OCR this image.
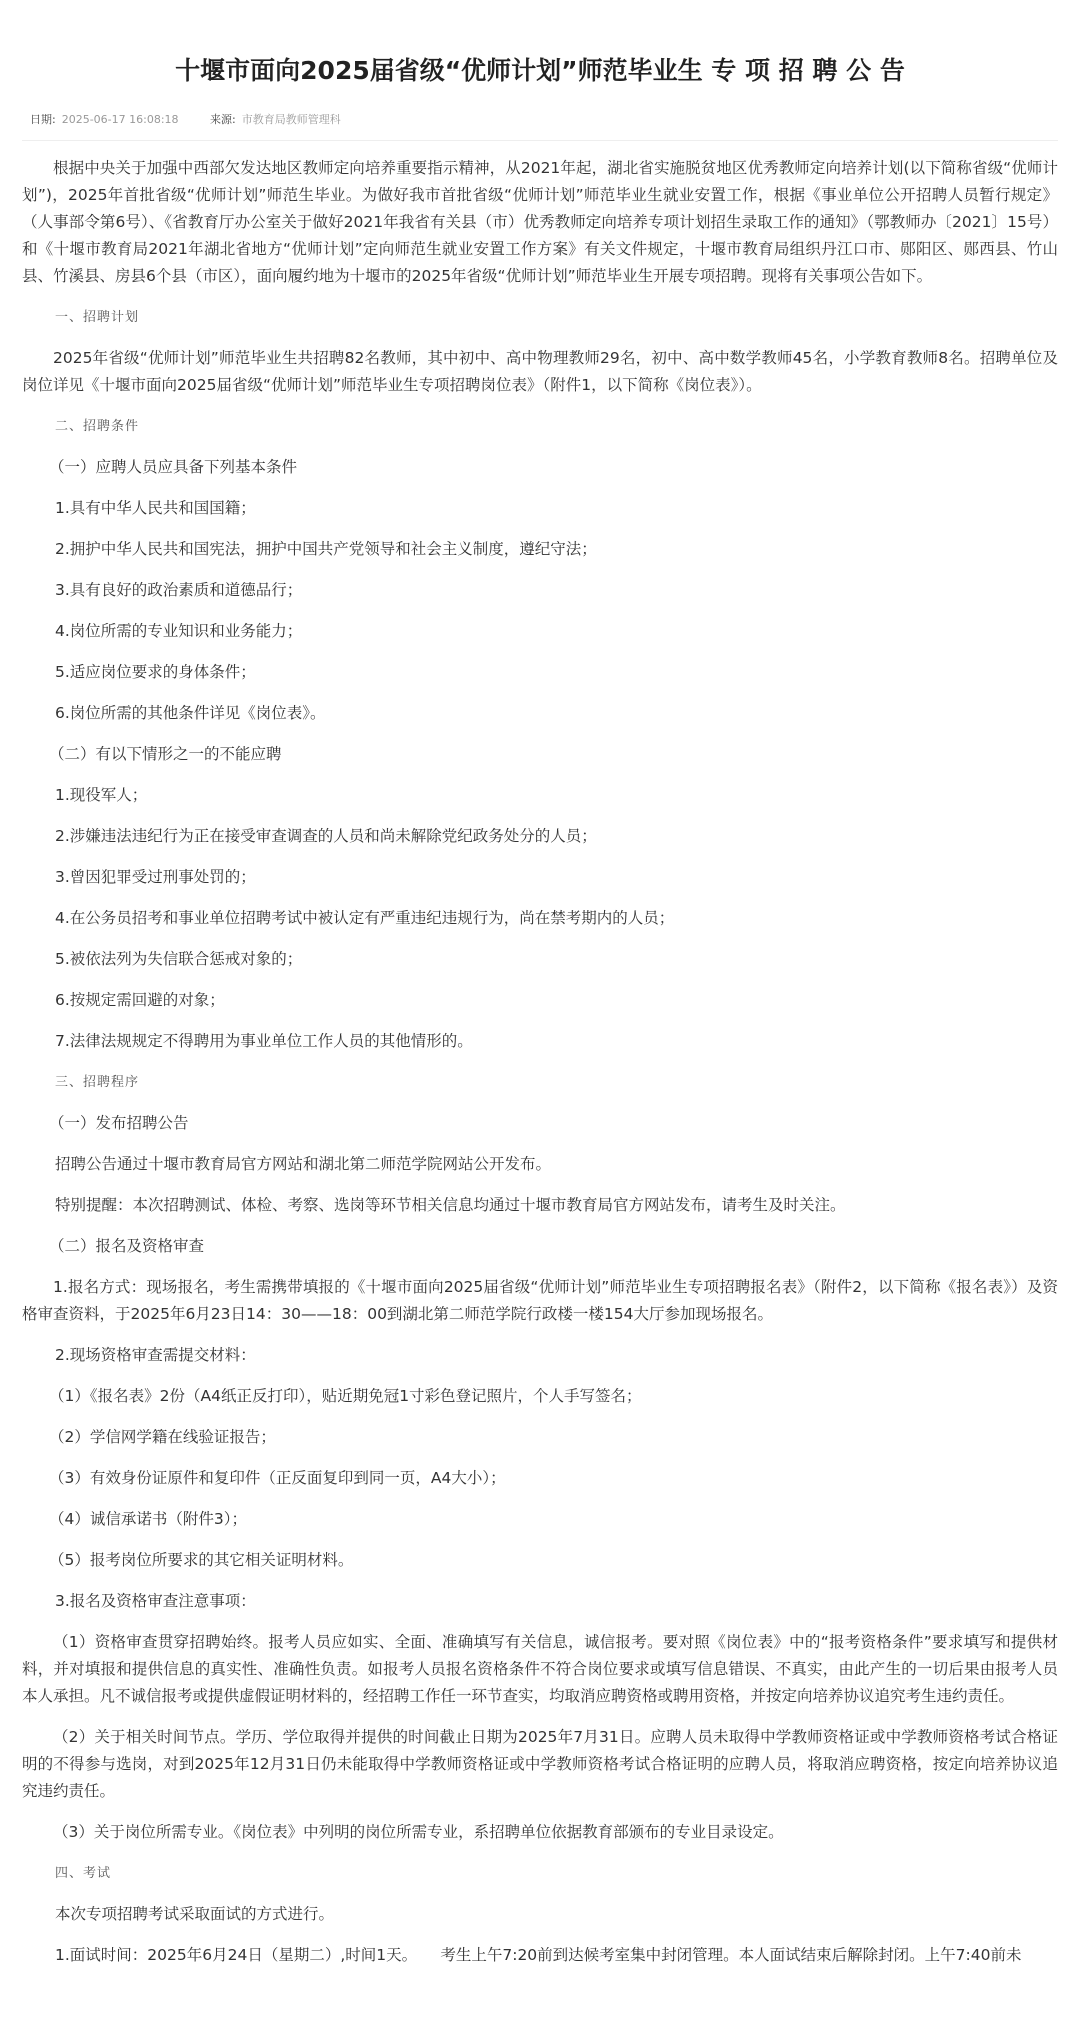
十堰市面向2025届省级“优师计划”师范毕业生 专 项 招 聘 公 告
日期: 2025-06-17 16:08:18	来源: 市教育局教师管理科

根据中央关于加强中西部欠发达地区教师定向培养重要指示精神，从2021年起，湖北省实施脱贫地区优秀教师定向培养计划(以下简称省级“优师计划”)，2025年首批省级“优师计划”师范生毕业。为做好我市首批省级“优师计划”师范毕业生就业安置工作，根据《事业单位公开招聘人员暂行规定》（人事部令第6号）、《省教育厅办公室关于做好2021年我省有关县（市）优秀教师定向培养专项计划招生录取工作的通知》（鄂教师办〔2021〕15号）和《十堰市教育局2021年湖北省地方“优师计划”定向师范生就业安置工作方案》有关文件规定，十堰市教育局组织丹江口市、郧阳区、郧西县、竹山县、竹溪县、房县6个县（市区），面向履约地为十堰市的2025年省级“优师计划”师范毕业生开展专项招聘。现将有关事项公告如下。

一、招聘计划

2025年省级“优师计划”师范毕业生共招聘82名教师，其中初中、高中物理教师29名，初中、高中数学教师45名，小学教育教师8名。招聘单位及岗位详见《十堰市面向2025届省级“优师计划”师范毕业生专项招聘岗位表》（附件1，以下简称《岗位表》）。

二、招聘条件
（一）应聘人员应具备下列基本条件
1.具有中华人民共和国国籍；
2.拥护中华人民共和国宪法，拥护中国共产党领导和社会主义制度，遵纪守法；
3.具有良好的政治素质和道德品行；
4.岗位所需的专业知识和业务能力；
5.适应岗位要求的身体条件；
6.岗位所需的其他条件详见《岗位表》。
（二）有以下情形之一的不能应聘
1.现役军人；
2.涉嫌违法违纪行为正在接受审查调查的人员和尚未解除党纪政务处分的人员；
3.曾因犯罪受过刑事处罚的；
4.在公务员招考和事业单位招聘考试中被认定有严重违纪违规行为，尚在禁考期内的人员；
5.被依法列为失信联合惩戒对象的；
6.按规定需回避的对象；
7.法律法规规定不得聘用为事业单位工作人员的其他情形的。
三、招聘程序
（一）发布招聘公告
招聘公告通过十堰市教育局官方网站和湖北第二师范学院网站公开发布。
特别提醒：本次招聘测试、体检、考察、选岗等环节相关信息均通过十堰市教育局官方网站发布，请考生及时关注。
（二）报名及资格审查

1.报名方式：现场报名，考生需携带填报的《十堰市面向2025届省级“优师计划”师范毕业生专项招聘报名表》（附件2，以下简称《报名表》）及资格审查资料，于2025年6月23日14：30——18：00到湖北第二师范学院行政楼一楼154大厅参加现场报名。

2.现场资格审查需提交材料：
（1）《报名表》2份（A4纸正反打印），贴近期免冠1寸彩色登记照片，个人手写签名；
（2）学信网学籍在线验证报告；
（3）有效身份证原件和复印件（正反面复印到同一页，A4大小）；
（4）诚信承诺书（附件3）；
（5）报考岗位所要求的其它相关证明材料。
3.报名及资格审查注意事项：

（1）资格审查贯穿招聘始终。报考人员应如实、全面、准确填写有关信息，诚信报考。要对照《岗位表》中的“报考资格条件”要求填写和提供材料，并对填报和提供信息的真实性、准确性负责。如报考人员报名资格条件不符合岗位要求或填写信息错误、不真实，由此产生的一切后果由报考人员本人承担。凡不诚信报考或提供虚假证明材料的，经招聘工作任一环节查实，均取消应聘资格或聘用资格，并按定向培养协议追究考生违约责任。

（2）关于相关时间节点。学历、学位取得并提供的时间截止日期为2025年7月31日。应聘人员未取得中学教师资格证或中学教师资格考试合格证明的不得参与选岗，对到2025年12月31日仍未能取得中学教师资格证或中学教师资格考试合格证明的应聘人员，将取消应聘资格，按定向培养协议追究违约责任。

（3）关于岗位所需专业。《岗位表》中列明的岗位所需专业，系招聘单位依据教育部颁布的专业目录设定。

四、考试
本次专项招聘考试采取面试的方式进行。
1.面试时间：2025年6月24日（星期二）,时间1天。　　考生上午7:20前到达候考室集中封闭管理。本人面试结束后解除封闭。上午7:40前未
